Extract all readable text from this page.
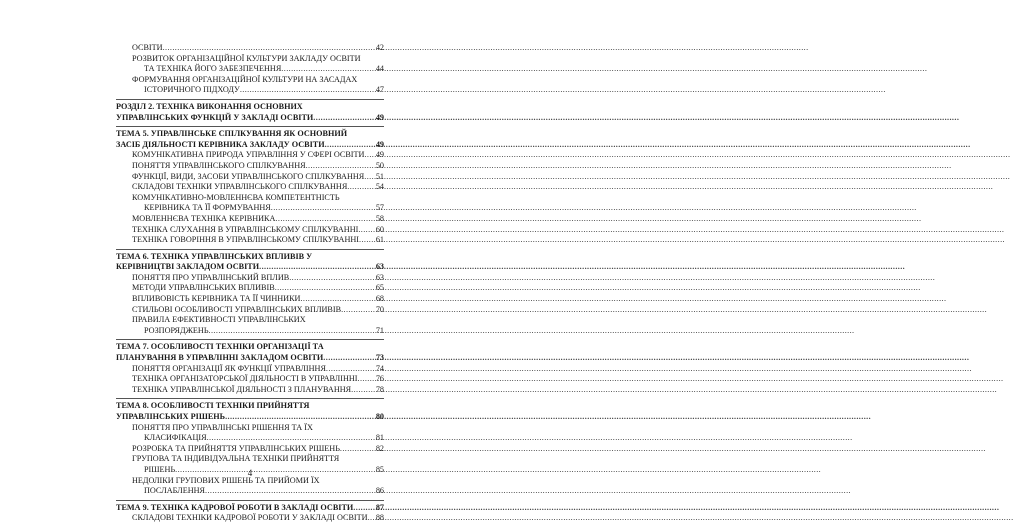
ОСВІТИ .....	42
РОЗВИТОК ОРГАНІЗАЦІЙНОЇ КУЛЬТУРИ ЗАКЛАДУ ОСВІТИ
ТА ТЕХНІКА ЙОГО ЗАБЕЗПЕЧЕННЯ .....	44
ФОРМУВАННЯ ОРГАНІЗАЦІЙНОЇ КУЛЬТУРИ НА ЗАСАДАХ
ІСТОРИЧНОГО ПІДХОДУ .....	47
РОЗДІЛ 2. ТЕХНІКА ВИКОНАННЯ ОСНОВНИХ
УПРАВЛІНСЬКИХ ФУНКЦІЙ У ЗАКЛАДІ ОСВІТИ .....	49
ТЕМА 5. УПРАВЛІНСЬКЕ СПІЛКУВАННЯ ЯК ОСНОВНИЙ
ЗАСІБ ДІЯЛЬНОСТІ КЕРІВНИКА ЗАКЛАДУ ОСВІТИ .....	49
КОМУНІКАТИВНА ПРИРОДА УПРАВЛІННЯ У СФЕРІ ОСВІТИ ..... 49
ПОНЯТТЯ УПРАВЛІНСЬКОГО СПІЛКУВАННЯ .....	50
ФУНКЦІЇ, ВИДИ, ЗАСОБИ УПРАВЛІНСЬКОГО СПІЛКУВАННЯ ..... 51
СКЛАДОВІ ТЕХНІКИ УПРАВЛІНСЬКОГО СПІЛКУВАННЯ .....	54
КОМУНІКАТИВНО-МОВЛЕННЄВА КОМПЕТЕНТНІСТЬ
КЕРІВНИКА ТА ЇЇ ФОРМУВАННЯ .....	57
МОВЛЕННЄВА ТЕХНІКА КЕРІВНИКА .....	58
ТЕХНІКА СЛУХАННЯ В УПРАВЛІНСЬКОМУ СПІЛКУВАННІ ..... 60
ТЕХНІКА ГОВОРІННЯ В УПРАВЛІНСЬКОМУ СПІЛКУВАННІ ..... 61
ТЕМА 6. ТЕХНІКА УПРАВЛІНСЬКИХ ВПЛИВІВ У
КЕРІВНИЦТВІ ЗАКЛАДОМ ОСВІТИ .....	63
ПОНЯТТЯ ПРО УПРАВЛІНСЬКИЙ ВПЛИВ .....	63
МЕТОДИ УПРАВЛІНСЬКИХ ВПЛИВІВ .....	65
ВПЛИВОВІСТЬ КЕРІВНИКА ТА ЇЇ ЧИННИКИ .....	68
СТИЛЬОВІ ОСОБЛИВОСТІ УПРАВЛІНСЬКИХ ВПЛИВІВ .....	70
ПРАВИЛА ЕФЕКТИВНОСТІ УПРАВЛІНСЬКИХ
РОЗПОРЯДЖЕНЬ .....	71
ТЕМА 7. ОСОБЛИВОСТІ ТЕХНІКИ ОРГАНІЗАЦІЇ ТА
ПЛАНУВАННЯ В УПРАВЛІННІ ЗАКЛАДОМ ОСВІТИ .....	73
ПОНЯТТЯ ОРГАНІЗАЦІЇ ЯК ФУНКЦІЇ УПРАВЛІННЯ .....	74
ТЕХНІКА ОРГАНІЗАТОРСЬКОЇ ДІЯЛЬНОСТІ В УПРАВЛІННІ ..... 76
ТЕХНІКА УПРАВЛІНСЬКОЇ ДІЯЛЬНОСТІ З ПЛАНУВАННЯ .....	78
ТЕМА 8. ОСОБЛИВОСТІ ТЕХНІКИ ПРИЙНЯТТЯ
УПРАВЛІНСЬКИХ РІШЕНЬ .....	80
ПОНЯТТЯ ПРО УПРАВЛІНСЬКІ РІШЕННЯ ТА ЇХ
КЛАСИФІКАЦІЯ .....	81
РОЗРОБКА ТА ПРИЙНЯТТЯ УПРАВЛІНСЬКИХ РІШЕНЬ .....	82
ГРУПОВА ТА ІНДИВІДУАЛЬНА ТЕХНІКИ ПРИЙНЯТТЯ
РІШЕНЬ .....	85
НЕДОЛІКИ ГРУПОВИХ РІШЕНЬ ТА ПРИЙОМИ ЇХ
ПОСЛАБЛЕННЯ .....	86
ТЕМА 9. ТЕХНІКА КАДРОВОЇ РОБОТИ В ЗАКЛАДІ ОСВІТИ .....	87
СКЛАДОВІ ТЕХНІКИ КАДРОВОЇ РОБОТИ У ЗАКЛАДІ ОСВІТИ ..... 88
4
